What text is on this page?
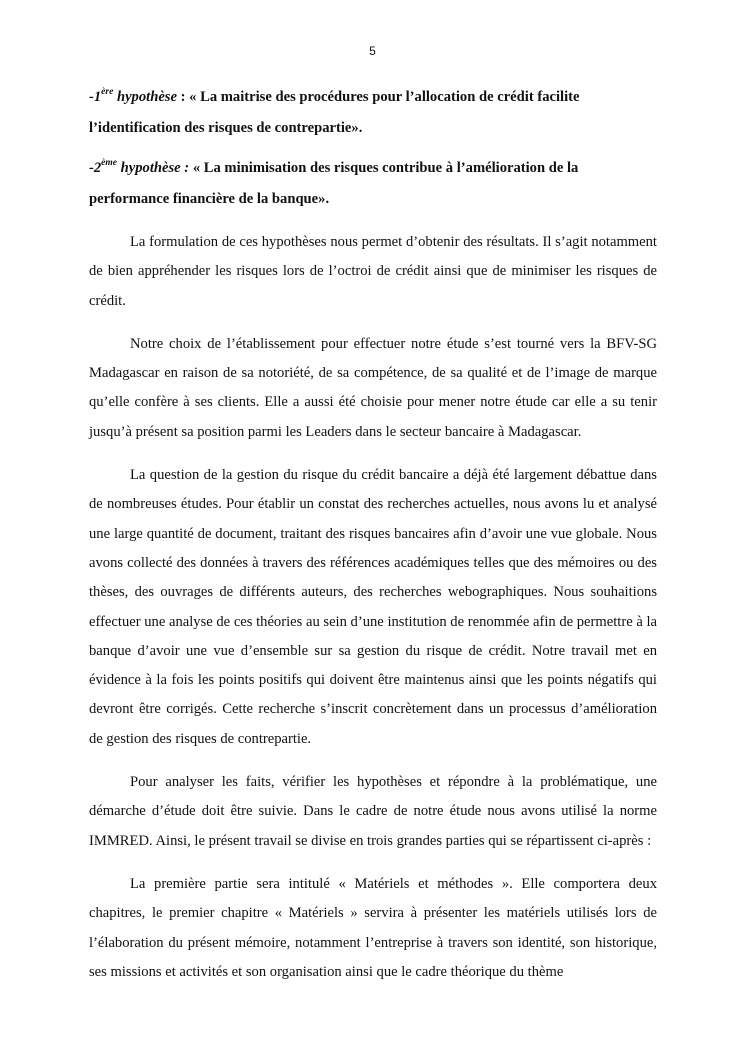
5

-1ère hypothèse : « La maitrise des procédures pour l’allocation de crédit facilite l’identification des risques de contrepartie».

-2ème hypothèse : « La minimisation des risques contribue à l’amélioration de la performance financière de la banque».

La formulation de ces hypothèses nous permet d’obtenir des résultats. Il s’agit notamment de bien appréhender les risques lors de l’octroi de crédit ainsi que de minimiser les risques de crédit.

Notre choix de l’établissement pour effectuer notre étude s’est tourné vers la BFV-SG Madagascar en raison de sa notoriété, de sa compétence, de sa qualité et de l’image de marque qu’elle confère à ses clients. Elle a aussi été choisie pour mener notre étude car elle a su tenir jusqu’à présent sa position parmi les Leaders dans le secteur bancaire à Madagascar.

La question de la gestion du risque du crédit bancaire a déjà été largement débattue dans de nombreuses études. Pour établir un constat des recherches actuelles, nous avons lu et analysé une large quantité de document, traitant des risques bancaires afin d’avoir une vue globale. Nous avons collecté des données à travers des références académiques telles que des mémoires ou des thèses, des ouvrages de différents auteurs, des recherches webographiques. Nous souhaitions effectuer une analyse de ces théories au sein d’une institution de renommée afin de permettre à la banque d’avoir une vue d’ensemble sur sa gestion du risque de crédit. Notre travail met en évidence à la fois les points positifs qui doivent être maintenus ainsi que les points négatifs qui devront être corrigés. Cette recherche s’inscrit concrètement dans un processus d’amélioration de gestion des risques de contrepartie.

Pour analyser les faits, vérifier les hypothèses et répondre à la problématique, une démarche d’étude doit être suivie. Dans le cadre de notre étude nous avons utilisé la norme IMMRED. Ainsi, le présent travail se divise en trois grandes parties qui se répartissent ci-après :

La première partie sera intitulé « Matériels et méthodes ». Elle comportera deux chapitres, le premier chapitre « Matériels » servira à présenter les matériels utilisés lors de l’élaboration du présent mémoire, notamment l’entreprise à travers son identité, son historique, ses missions et activités et son organisation ainsi que le cadre théorique du thème
